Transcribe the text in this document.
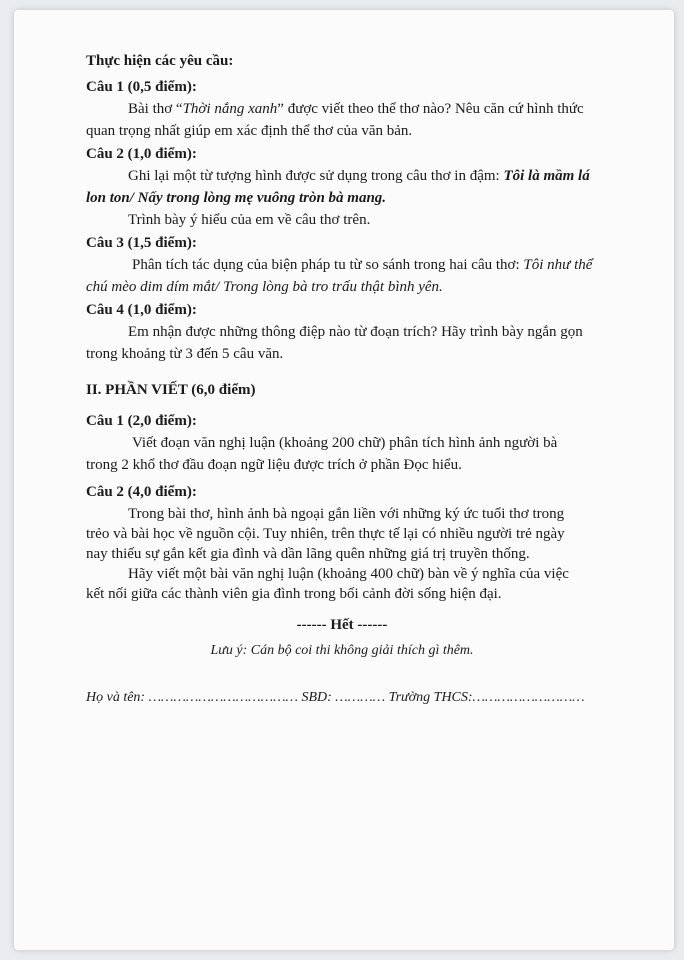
Thực hiện các yêu cầu:
Câu 1 (0,5 điểm):
Bài thơ “Thời nắng xanh” được viết theo thể thơ nào? Nêu căn cứ hình thức
quan trọng nhất giúp em xác định thể thơ của văn bản.
Câu 2 (1,0 điểm):
Ghi lại một từ tượng hình được sử dụng trong câu thơ in đậm: Tôi là mầm lá
lon ton/ Nấy trong lòng mẹ vuông tròn bà mang.
Trình bày ý hiểu của em về câu thơ trên.
Câu 3 (1,5 điểm):
Phân tích tác dụng của biện pháp tu từ so sánh trong hai câu thơ: Tôi như thể
chú mèo dim dím mắt/ Trong lòng bà tro trấu thật bình yên.
Câu 4 (1,0 điểm):
Em nhận được những thông điệp nào từ đoạn trích? Hãy trình bày ngắn gọn
trong khoảng từ 3 đến 5 câu văn.
II. PHẦN VIẾT (6,0 điểm)
Câu 1 (2,0 điểm):
Viết đoạn văn nghị luận (khoảng 200 chữ) phân tích hình ảnh người bà
trong 2 khổ thơ đầu đoạn ngữ liệu được trích ở phần Đọc hiểu.
Câu 2 (4,0 điểm):
Trong bài thơ, hình ảnh bà ngoại gắn liền với những ký ức tuổi thơ trong
trẻo và bài học về nguồn cội. Tuy nhiên, trên thực tế lại có nhiều người trẻ ngày
nay thiếu sự gắn kết gia đình và dần lãng quên những giá trị truyền thống.
Hãy viết một bài văn nghị luận (khoảng 400 chữ) bàn về ý nghĩa của việc
kết nối giữa các thành viên gia đình trong bối cảnh đời sống hiện đại.
------ Hết ------
Lưu ý: Cán bộ coi thi không giải thích gì thêm.
Họ và tên: ……………………………… SBD: ………… Trường THCS:………………………
